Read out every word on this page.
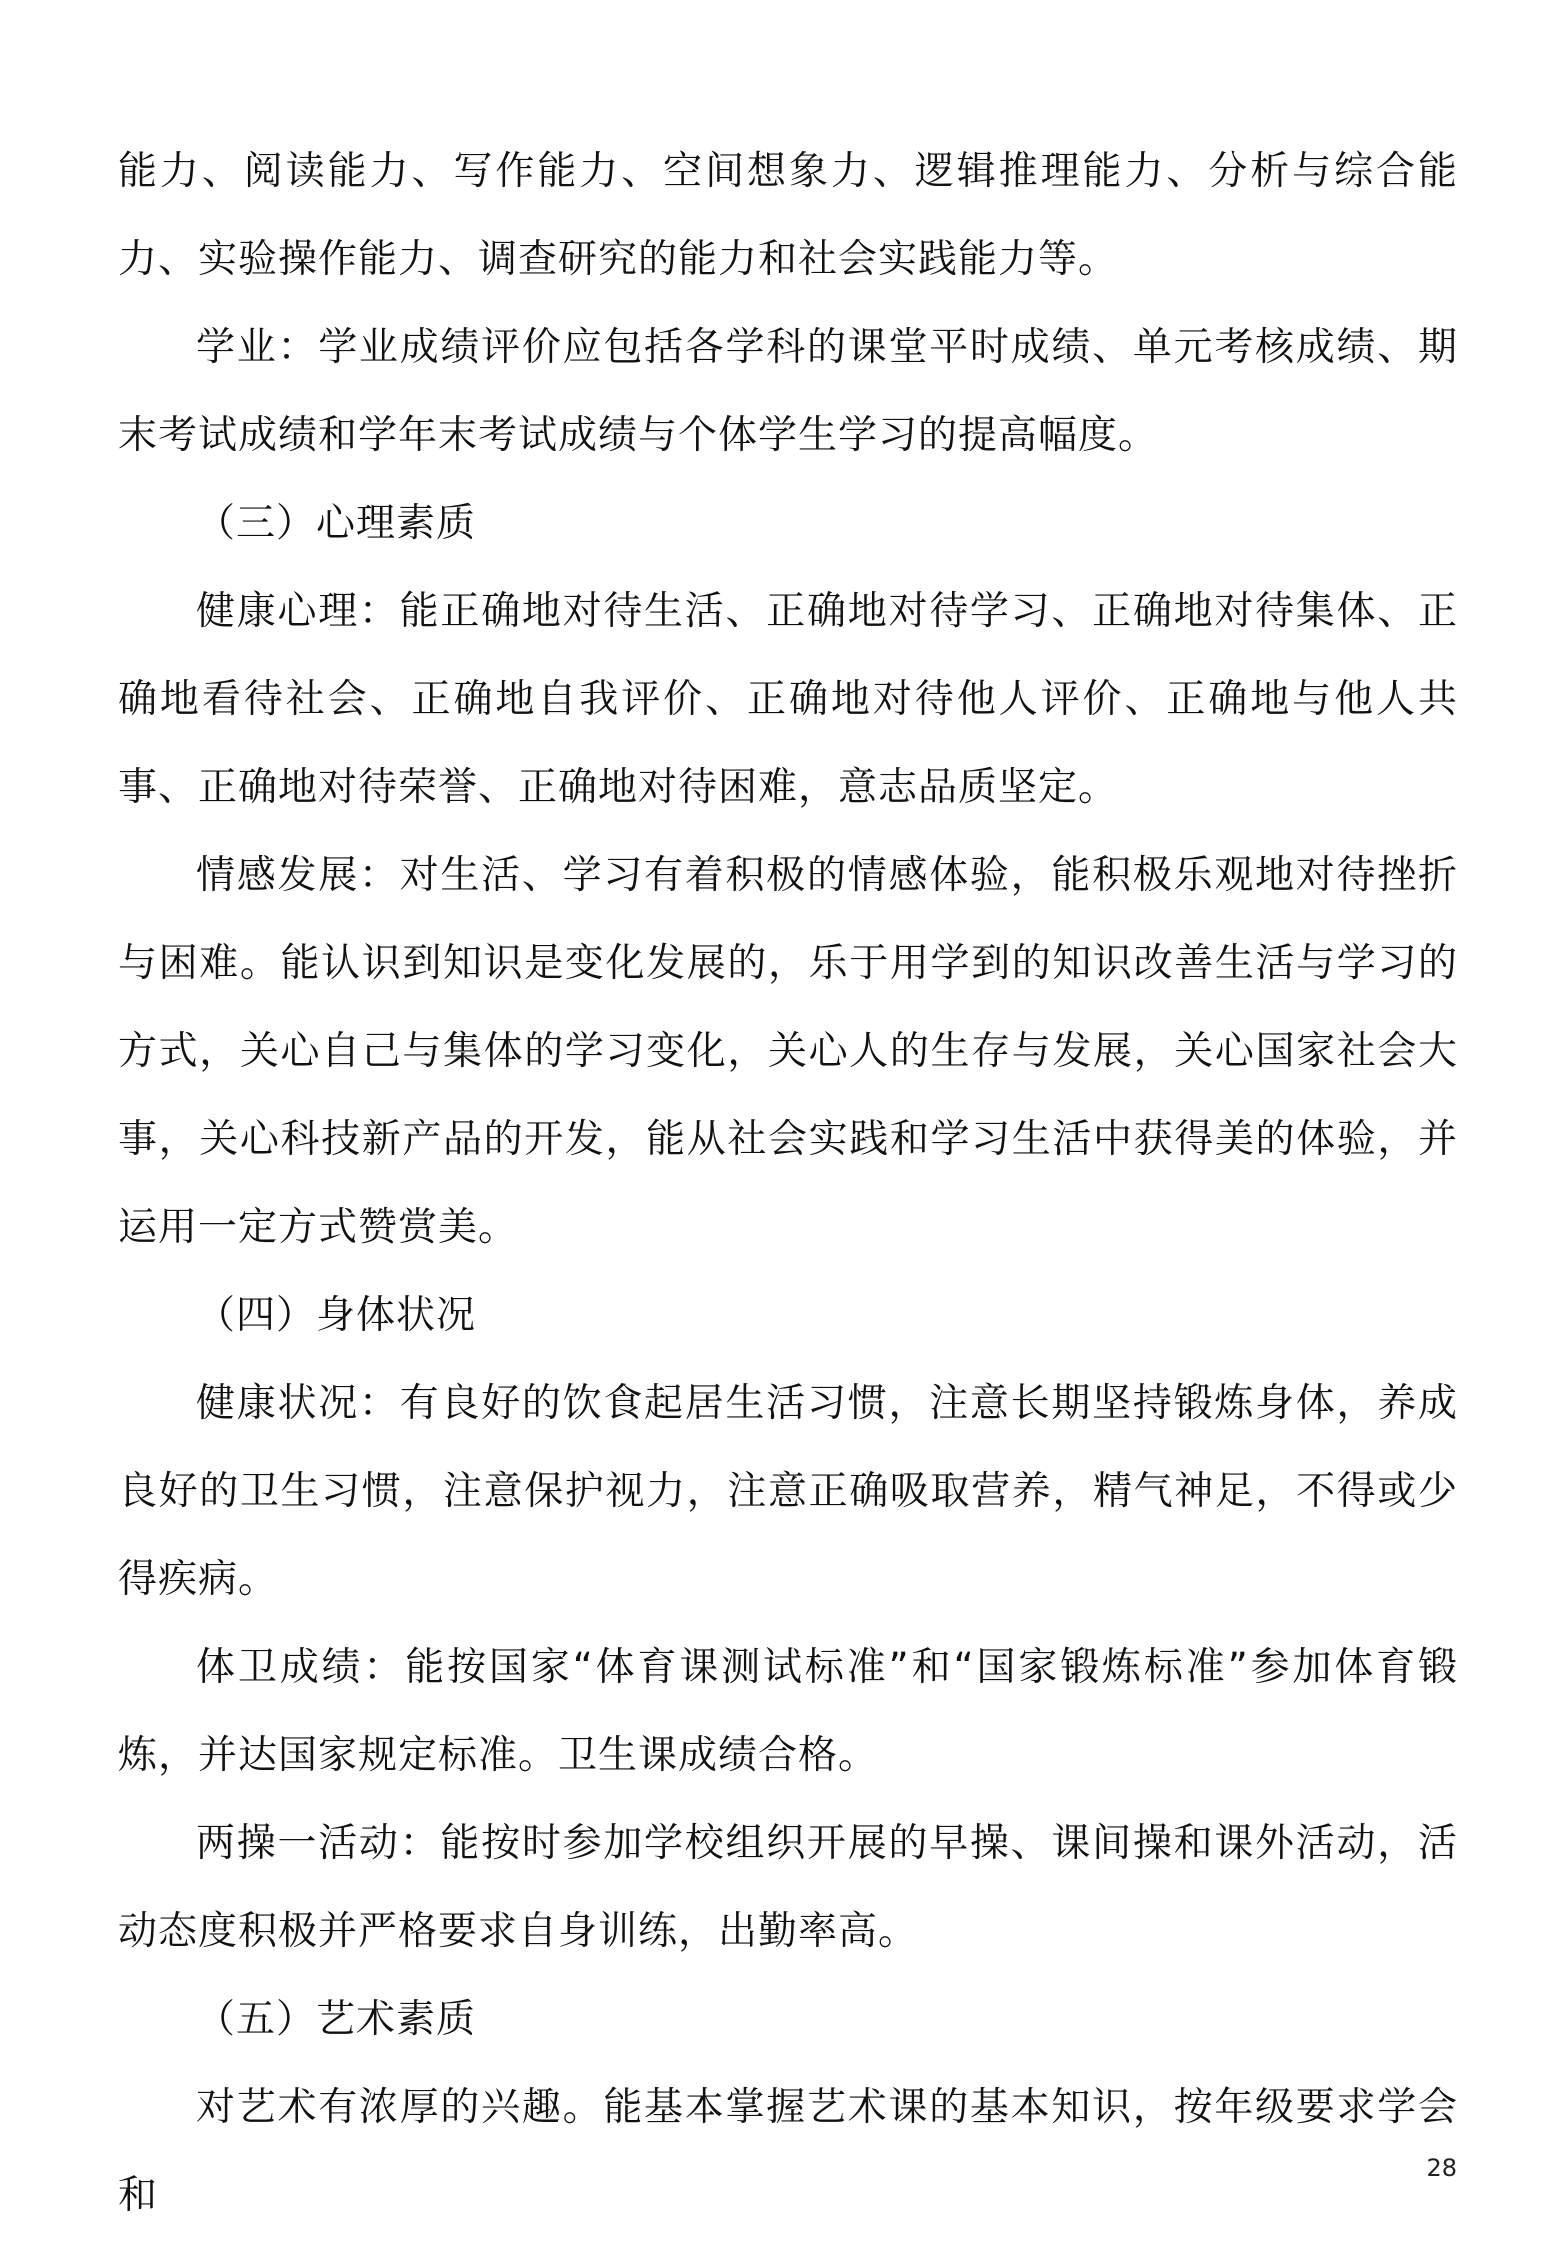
能力、阅读能力、写作能力、空间想象力、逻辑推理能力、分析与综合能力、实验操作能力、调查研究的能力和社会实践能力等。

学业：学业成绩评价应包括各学科的课堂平时成绩、单元考核成绩、期末考试成绩和学年末考试成绩与个体学生学习的提高幅度。

（三）心理素质

健康心理：能正确地对待生活、正确地对待学习、正确地对待集体、正确地看待社会、正确地自我评价、正确地对待他人评价、正确地与他人共事、正确地对待荣誉、正确地对待困难，意志品质坚定。

情感发展：对生活、学习有着积极的情感体验，能积极乐观地对待挫折与困难。能认识到知识是变化发展的，乐于用学到的知识改善生活与学习的方式，关心自己与集体的学习变化，关心人的生存与发展，关心国家社会大事，关心科技新产品的开发，能从社会实践和学习生活中获得美的体验，并运用一定方式赞赏美。

（四）身体状况

健康状况：有良好的饮食起居生活习惯，注意长期坚持锻炼身体，养成良好的卫生习惯，注意保护视力，注意正确吸取营养，精气神足，不得或少得疾病。

体卫成绩：能按国家“体育课测试标准”和“国家锻炼标准”参加体育锻炼，并达国家规定标准。卫生课成绩合格。

两操一活动：能按时参加学校组织开展的早操、课间操和课外活动，活动态度积极并严格要求自身训练，出勤率高。

（五）艺术素质

对艺术有浓厚的兴趣。能基本掌握艺术课的基本知识，按年级要求学会和

28
